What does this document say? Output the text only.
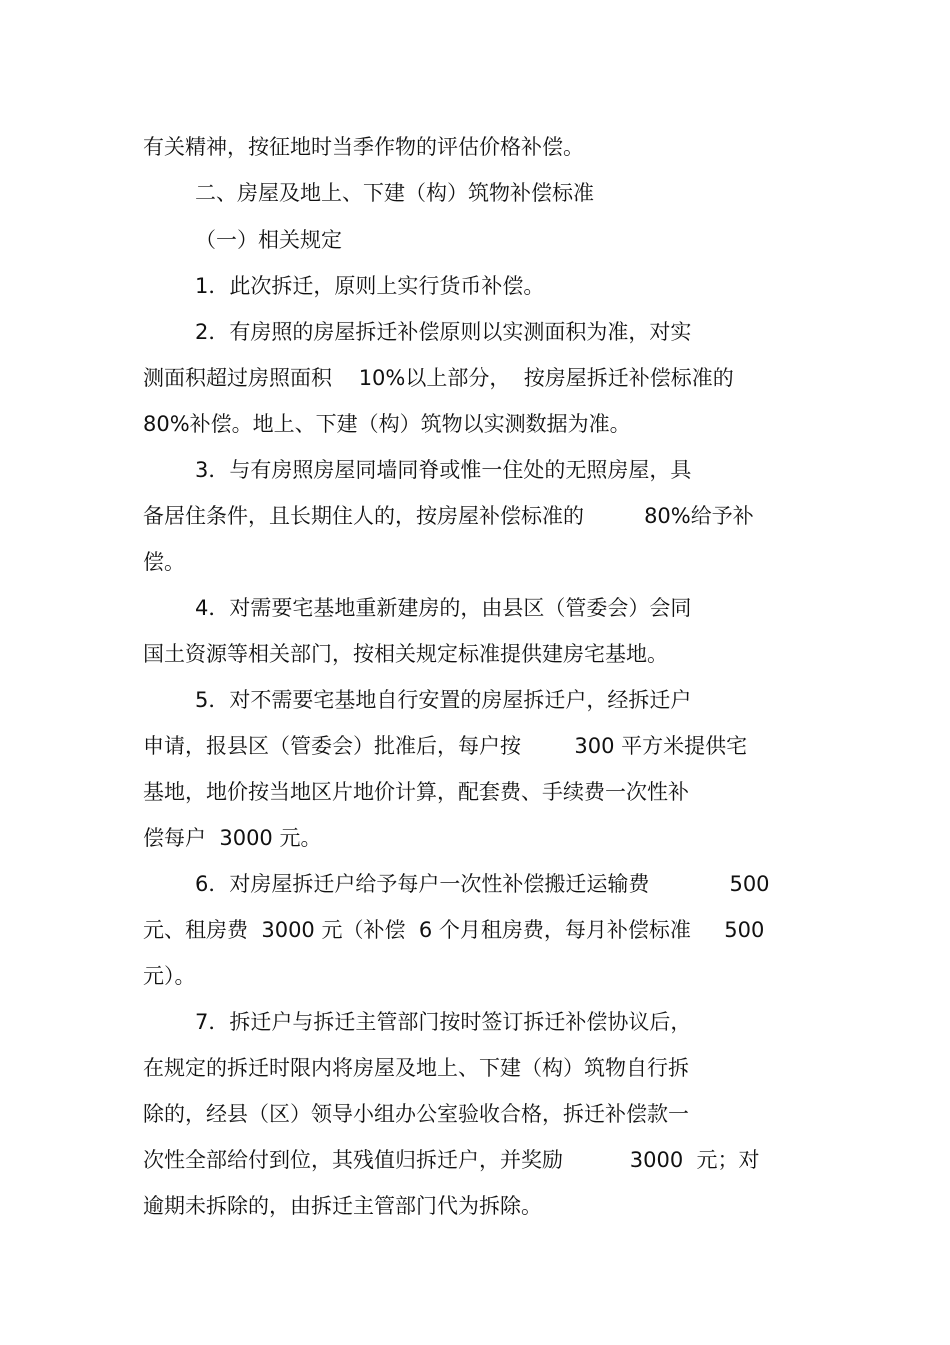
有关精神，按征地时当季作物的评估价格补偿。
二、房屋及地上、下建（构）筑物补偿标准
（一）相关规定
1．此次拆迁，原则上实行货币补偿。
2．有房照的房屋拆迁补偿原则以实测面积为准，对实
测面积超过房照面积    10%以上部分，  按房屋拆迁补偿标准的
80%补偿。地上、下建（构）筑物以实测数据为准。
3．与有房照房屋同墙同脊或惟一住处的无照房屋，具
备居住条件，且长期住人的，按房屋补偿标准的         80%给予补
偿。
4．对需要宅基地重新建房的，由县区（管委会）会同
国土资源等相关部门，按相关规定标准提供建房宅基地。
5．对不需要宅基地自行安置的房屋拆迁户，经拆迁户
申请，报县区（管委会）批准后，每户按        300 平方米提供宅
基地，地价按当地区片地价计算，配套费、手续费一次性补
偿每户  3000 元。
6．对房屋拆迁户给予每户一次性补偿搬迁运输费            500
元、租房费  3000 元（补偿  6 个月租房费，每月补偿标准     500
元）。
7．拆迁户与拆迁主管部门按时签订拆迁补偿协议后，
在规定的拆迁时限内将房屋及地上、下建（构）筑物自行拆
除的，经县（区）领导小组办公室验收合格，拆迁补偿款一
次性全部给付到位，其残值归拆迁户，并奖励          3000  元；对
逾期未拆除的，由拆迁主管部门代为拆除。
